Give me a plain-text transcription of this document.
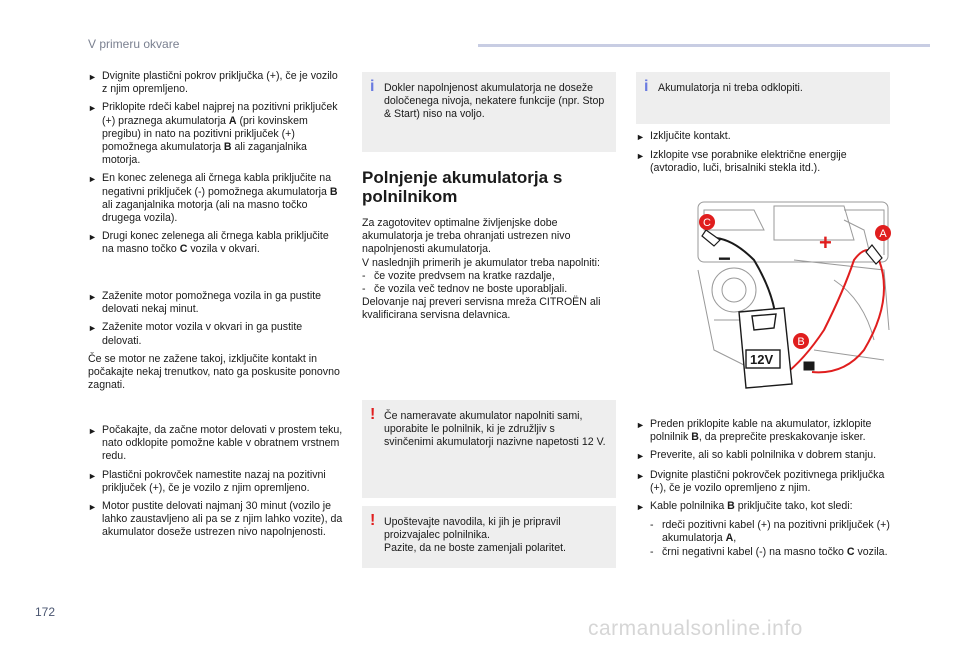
V primeru okvare
► Dvignite plastični pokrov priključka (+), če je vozilo z njim opremljeno.
► Priklopite rdeči kabel najprej na pozitivni priključek (+) praznega akumulatorja A (pri kovinskem pregibu) in nato na pozitivni priključek (+) pomožnega akumulatorja B ali zaganjalnika motorja.
► En konec zelenega ali črnega kabla priključite na negativni priključek (-) pomožnega akumulatorja B ali zaganjalnika motorja (ali na masno točko drugega vozila).
► Drugi konec zelenega ali črnega kabla priključite na masno točko C vozila v okvari.
► Zaženite motor pomožnega vozila in ga pustite delovati nekaj minut.
► Zaženite motor vozila v okvari in ga pustite delovati.

Če se motor ne zažene takoj, izključite kontakt in počakajte nekaj trenutkov, nato ga poskusite ponovno zagnati.

► Počakajte, da začne motor delovati v prostem teku, nato odklopite pomožne kable v obratnem vrstnem redu.
► Plastični pokrovček namestite nazaj na pozitivni priključek (+), če je vozilo z njim opremljeno.
► Motor pustite delovati najmanj 30 minut (vozilo je lahko zaustavljeno ali pa se z njim lahko vozite), da akumulator doseže ustrezen nivo napolnjenosti.
i Dokler napolnjenost akumulatorja ne doseže določenega nivoja, nekatere funkcije (npr. Stop & Start) niso na voljo.
Polnjenje akumulatorja s
polnilnikom
Za zagotovitev optimalne življenjske dobe akumulatorja je treba ohranjati ustrezen nivo napolnjenosti akumulatorja.
V naslednjih primerih je akumulator treba napolniti:
- če vozite predvsem na kratke razdalje,
- če vozila več tednov ne boste uporabljali.
Delovanje naj preveri servisna mreža CITROËN ali kvalificirana servisna delavnica.
! Če nameravate akumulator napolniti sami, uporabite le polnilnik, ki je združljiv s svinčenimi akumulatorji nazivne napetosti 12 V.
! Upoštevajte navodila, ki jih je pripravil proizvajalec polnilnika.
Pazite, da ne boste zamenjali polaritet.
i Akumulatorja ni treba odklopiti.
► Izključite kontakt.
► Izklopite vse porabnike električne energije (avtoradio, luči, brisalniki stekla itd.).
12V
+
−
C
A
B
► Preden priklopite kable na akumulator, izklopite polnilnik B, da preprečite preskakovanje isker.
► Preverite, ali so kabli polnilnika v dobrem stanju.
► Dvignite plastični pokrovček pozitivnega priključka (+), če je vozilo opremljeno z njim.
► Kable polnilnika B priključite tako, kot sledi:
- rdeči pozitivni kabel (+) na pozitivni priključek (+) akumulatorja A,
- črni negativni kabel (-) na masno točko C vozila.
172
carmanualsonline.info
